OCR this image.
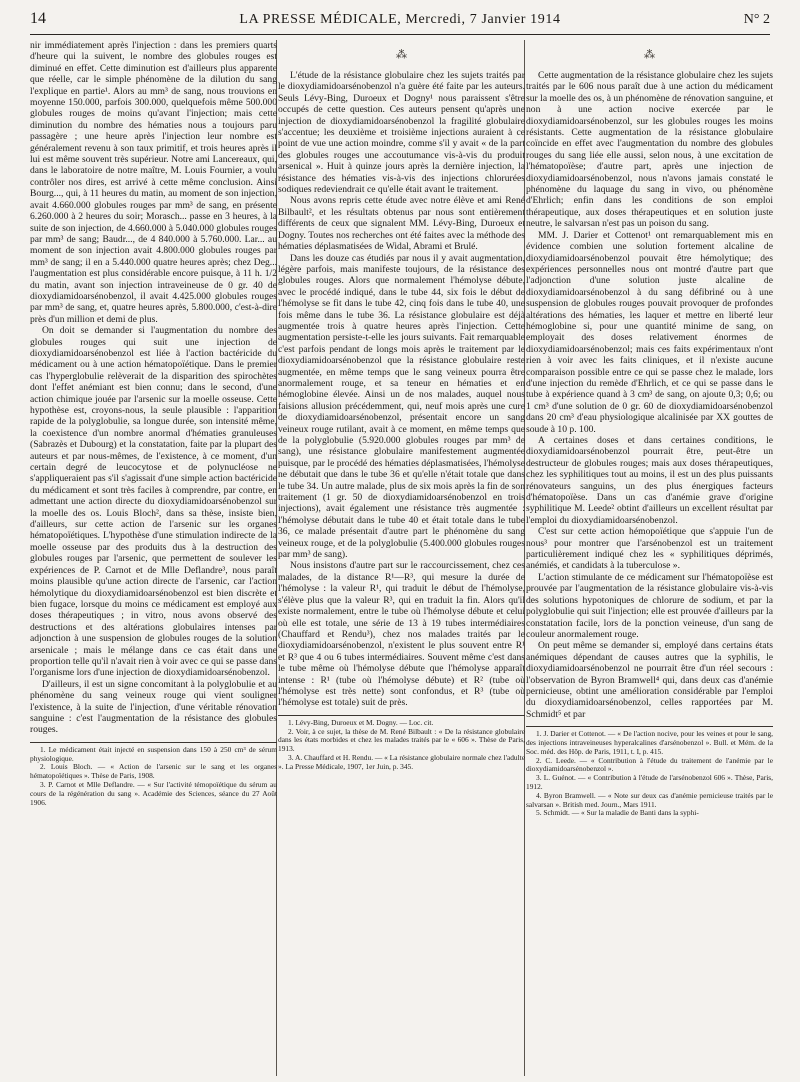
14	LA PRESSE MÉDICALE, Mercredi, 7 Janvier 1914	N° 2

nir immédiatement après l'injection : dans les premiers quarts d'heure qui la suivent, le nombre des globules rouges est diminué en effet. Cette diminution est d'ailleurs plus apparente que réelle, car le simple phénomène de la dilution du sang l'explique en partie¹. Alors au mm³ de sang, nous trouvions en moyenne 150.000, parfois 300.000, quelquefois même 500.000 globules rouges de moins qu'avant l'injection; mais cette diminution du nombre des hématies nous a toujours paru passagère ; une heure après l'injection leur nombre est généralement revenu à son taux primitif, et trois heures après il lui est même souvent très supérieur. Notre ami Lancereaux, qui, dans le laboratoire de notre maître, M. Louis Fournier, a voulu contrôler nos dires, est arrivé à cette même conclusion. Ainsi Bourg..., qui, à 11 heures du matin, au moment de son injection, avait 4.660.000 globules rouges par mm³ de sang, en présente 6.260.000 à 2 heures du soir; Morasch... passe en 3 heures, à la suite de son injection, de 4.660.000 à 5.040.000 globules rouges par mm³ de sang; Baudr..., de 4 840.000 à 5.760.000. Lar... au moment de son injection avait 4.800.000 globules rouges par mm³ de sang; il en a 5.440.000 quatre heures après; chez Deg... l'augmentation est plus considérable encore puisque, à 11 h. 1/2 du matin, avant son injection intraveineuse de 0 gr. 40 de dioxydiamidoarsénobenzol, il avait 4.425.000 globules rouges par mm³ de sang, et, quatre heures après, 5.800.000, c'est-à-dire près d'un million et demi de plus.

On doit se demander si l'augmentation du nombre des globules rouges qui suit une injection de dioxydiamidoarsénobenzol est liée à l'action bactéricide du médicament ou à une action hématopoïétique. Dans le premier cas l'hyperglobulie relèverait de la disparition des spirochètes dont l'effet anémiant est bien connu; dans le second, d'une action chimique jouée par l'arsenic sur la moelle osseuse. Cette hypothèse est, croyons-nous, la seule plausible : l'apparition rapide de la polyglobulie, sa longue durée, son intensité même, la coexistence d'un nombre anormal d'hématies granuleuses (Sabrazès et Dubourg) et la constatation, faite par la plupart des auteurs et par nous-mêmes, de l'existence, à ce moment, d'un certain degré de leucocytose et de polynucléose ne s'appliqueraient pas s'il s'agissait d'une simple action bactéricide du médicament et sont très faciles à comprendre, par contre, en admettant une action directe du dioxydiamidoarsénobenzol sur la moelle des os. Louis Bloch², dans sa thèse, insiste bien, d'ailleurs, sur cette action de l'arsenic sur les organes hématopoïétiques. L'hypothèse d'une stimulation indirecte de la moelle osseuse par des produits dus à la destruction des globules rouges par l'arsenic, que permettent de soulever les expériences de P. Carnot et de Mlle Deflandre³, nous paraît moins plausible qu'une action directe de l'arsenic, car l'action hémolytique du dioxydiamidoarsénobenzol est bien discrète et bien fugace, lorsque du moins ce médicament est employé aux doses thérapeutiques ; in vitro, nous avons observé des destructions et des altérations globulaires intenses par adjonction à une suspension de globules rouges de la solution arsenicale ; mais le mélange dans ce cas était dans une proportion telle qu'il n'avait rien à voir avec ce qui se passe dans l'organisme lors d'une injection de dioxydiamidoarsénobenzol.

D'ailleurs, il est un signe concomitant à la polyglobulie et au phénomène du sang veineux rouge qui vient souligner l'existence, à la suite de l'injection, d'une véritable rénovation sanguine : c'est l'augmentation de la résistance des globules rouges.

1. Le médicament était injecté en suspension dans 150 à 250 cm³ de sérum physiologique.

2. Louis Bloch. — « Action de l'arsenic sur le sang et les organes hématopoïétiques ». Thèse de Paris, 1908.

3. P. Carnot et Mlle Deflandre. — « Sur l'activité témopoïétique du sérum au cours de la régénération du sang ». Académie des Sciences, séance du 27 Août 1906.

⁂

L'étude de la résistance globulaire chez les sujets traités par le dioxydiamidoarsénobenzol n'a guère été faite par les auteurs. Seuls Lévy-Bing, Duroeux et Dogny¹ nous paraissent s'être occupés de cette question. Ces auteurs pensent qu'après une injection de dioxydiamidoarsénobenzol la fragilité globulaire s'accentue; les deuxième et troisième injections auraient à ce point de vue une action moindre, comme s'il y avait « de la part des globules rouges une accoutumance vis-à-vis du produit arsenical ». Huit à quinze jours après la dernière injection, la résistance des hématies vis-à-vis des injections chlorurées sodiques redeviendrait ce qu'elle était avant le traitement.

Nous avons repris cette étude avec notre élève et ami René Bilbault², et les résultats obtenus par nous sont entièrement différents de ceux que signalent MM. Lévy-Bing, Duroeux et Dogny. Toutes nos recherches ont été faites avec la méthode des hématies déplasmatisées de Widal, Abrami et Brulé.

Dans les douze cas étudiés par nous il y avait augmentation, légère parfois, mais manifeste toujours, de la résistance des globules rouges. Alors que normalement l'hémolyse débute, avec le procédé indiqué, dans le tube 44, six fois le début de l'hémolyse se fit dans le tube 42, cinq fois dans le tube 40, une fois même dans le tube 36. La résistance globulaire est déjà augmentée trois à quatre heures après l'injection. Cette augmentation persiste-t-elle les jours suivants. Fait remarquable c'est parfois pendant de longs mois après le traitement par le dioxydiamidoarsénobenzol que la résistance globulaire reste augmentée, en même temps que le sang veineux pourra être anormalement rouge, et sa teneur en hématies et en hémoglobine élevée. Ainsi un de nos malades, auquel nous faisions allusion précédemment, qui, neuf mois après une cure de dioxydiamidoarsénobenzol, présentait encore un sang veineux rouge rutilant, avait à ce moment, en même temps que de la polyglobulie (5.920.000 globules rouges par mm³ de sang), une résistance globulaire manifestement augmentée puisque, par le procédé des hématies déplasmatisées, l'hémolyse ne débutait que dans le tube 36 et qu'elle n'était totale que dans le tube 34. Un autre malade, plus de six mois après la fin de son traitement (1 gr. 50 de dioxydiamidoarsénobenzol en trois injections), avait également une résistance très augmentée : l'hémolyse débutait dans le tube 40 et était totale dans le tube 36, ce malade présentait d'autre part le phénomène du sang veineux rouge, et de la polyglobulie (5.400.000 globules rouges par mm³ de sang).

Nous insistons d'autre part sur le raccourcissement, chez ces malades, de la distance R¹—R³, qui mesure la durée de l'hémolyse : la valeur R¹, qui traduit le début de l'hémolyse, s'élève plus que la valeur R³, qui en traduit la fin. Alors qu'il existe normalement, entre le tube où l'hémolyse débute et celui où elle est totale, une série de 13 à 19 tubes intermédiaires (Chauffard et Rendu³), chez nos malades traités par le dioxydiamidoarsénobenzol, n'existent le plus souvent entre R¹ et R³ que 4 ou 6 tubes intermédiaires. Souvent même c'est dans le tube même où l'hémolyse débute que l'hémolyse apparaît intense : R¹ (tube où l'hémolyse débute) et R² (tube où l'hémolyse est très nette) sont confondus, et R³ (tube où l'hémolyse est totale) suit de près.

1. Lévy-Bing, Duroeux et M. Dogny. — Loc. cit.

2. Voir, à ce sujet, la thèse de M. René Bilbault : « De la résistance globulaire dans les états morbides et chez les malades traités par le « 606 ». Thèse de Paris, 1913.

3. A. Chauffard et H. Rendu. — « La résistance globulaire normale chez l'adulte ». La Presse Médicale, 1907, 1er Juin, p. 345.

⁂

Cette augmentation de la résistance globulaire chez les sujets traités par le 606 nous paraît due à une action du médicament sur la moelle des os, à un phénomène de rénovation sanguine, et non à une action nocive exercée par le dioxydiamidoarsénobenzol, sur les globules rouges les moins résistants. Cette augmentation de la résistance globulaire coïncide en effet avec l'augmentation du nombre des globules rouges du sang liée elle aussi, selon nous, à une excitation de l'hématopoïèse; d'autre part, après une injection de dioxydiamidoarsénobenzol, nous n'avons jamais constaté le phénomène du laquage du sang in vivo, ou phénomène d'Ehrlich; enfin dans les conditions de son emploi thérapeutique, aux doses thérapeutiques et en solution juste neutre, le salvarsan n'est pas un poison du sang.

MM. J. Darier et Cottenot¹ ont remarquablement mis en évidence combien une solution fortement alcaline de dioxydiamidoarsénobenzol pouvait être hémolytique; des expériences personnelles nous ont montré d'autre part que l'adjonction d'une solution juste alcaline de dioxydiamidoarsénobenzol à du sang défibriné ou à une suspension de globules rouges pouvait provoquer de profondes altérations des hématies, les laquer et mettre en liberté leur hémoglobine si, pour une quantité minime de sang, on employait des doses relativement énormes de dioxydiamidoarsénobenzol; mais ces faits expérimentaux n'ont rien à voir avec les faits cliniques, et il n'existe aucune comparaison possible entre ce qui se passe chez le malade, lors d'une injection du remède d'Ehrlich, et ce qui se passe dans le tube à expérience quand à 3 cm³ de sang, on ajoute 0,3; 0,6; ou 1 cm³ d'une solution de 0 gr. 60 de dioxydiamidoarsénobenzol dans 20 cm³ d'eau physiologique alcalinisée par XX gouttes de soude à 10 p. 100.

A certaines doses et dans certaines conditions, le dioxydiamidoarsénobenzol pourrait être, peut-être un destructeur de globules rouges; mais aux doses thérapeutiques, chez les syphilitiques tout au moins, il est un des plus puissants rénovateurs sanguins, un des plus énergiques facteurs d'hématopoïèse. Dans un cas d'anémie grave d'origine syphilitique M. Leede² obtint d'ailleurs un excellent résultat par l'emploi du dioxydiamidoarsénobenzol.

C'est sur cette action hémopoïétique que s'appuie l'un de nous³ pour montrer que l'arsénobenzol est un traitement particulièrement indiqué chez les « syphilitiques déprimés, anémiés, et candidats à la tuberculose ».

L'action stimulante de ce médicament sur l'hématopoïèse est prouvée par l'augmentation de la résistance globulaire vis-à-vis des solutions hypotoniques de chlorure de sodium, et par la polyglobulie qui suit l'injection; elle est prouvée d'ailleurs par la constatation facile, lors de la ponction veineuse, d'un sang de couleur anormalement rouge.

On peut même se demander si, employé dans certains états anémiques dépendant de causes autres que la syphilis, le dioxydiamidoarsénobenzol ne pourrait être d'un réel secours : l'observation de Byron Bramwell⁴ qui, dans deux cas d'anémie pernicieuse, obtint une amélioration considérable par l'emploi du dioxydiamidoarsénobenzol, celles rapportées par M. Schmidt⁵ et par

1. J. Darier et Cottenot. — « De l'action nocive, pour les veines et pour le sang, des injections intraveineuses hyperalcalines d'arsénobenzol ». Bull. et Mém. de la Soc. méd. des Hôp. de Paris, 1911, t. I, p. 415.

2. C. Leede. — « Contribution à l'étude du traitement de l'anémie par le dioxydiamidoarsénobenzol ».

3. L. Guénot. — « Contribution à l'étude de l'arsénobenzol 606 ». Thèse, Paris, 1912.

4. Byron Bramwell. — « Note sur deux cas d'anémie pernicieuse traités par le salvarsan ». British med. Journ., Mars 1911.

5. Schmidt. — « Sur la maladie de Banti dans la syphi-
